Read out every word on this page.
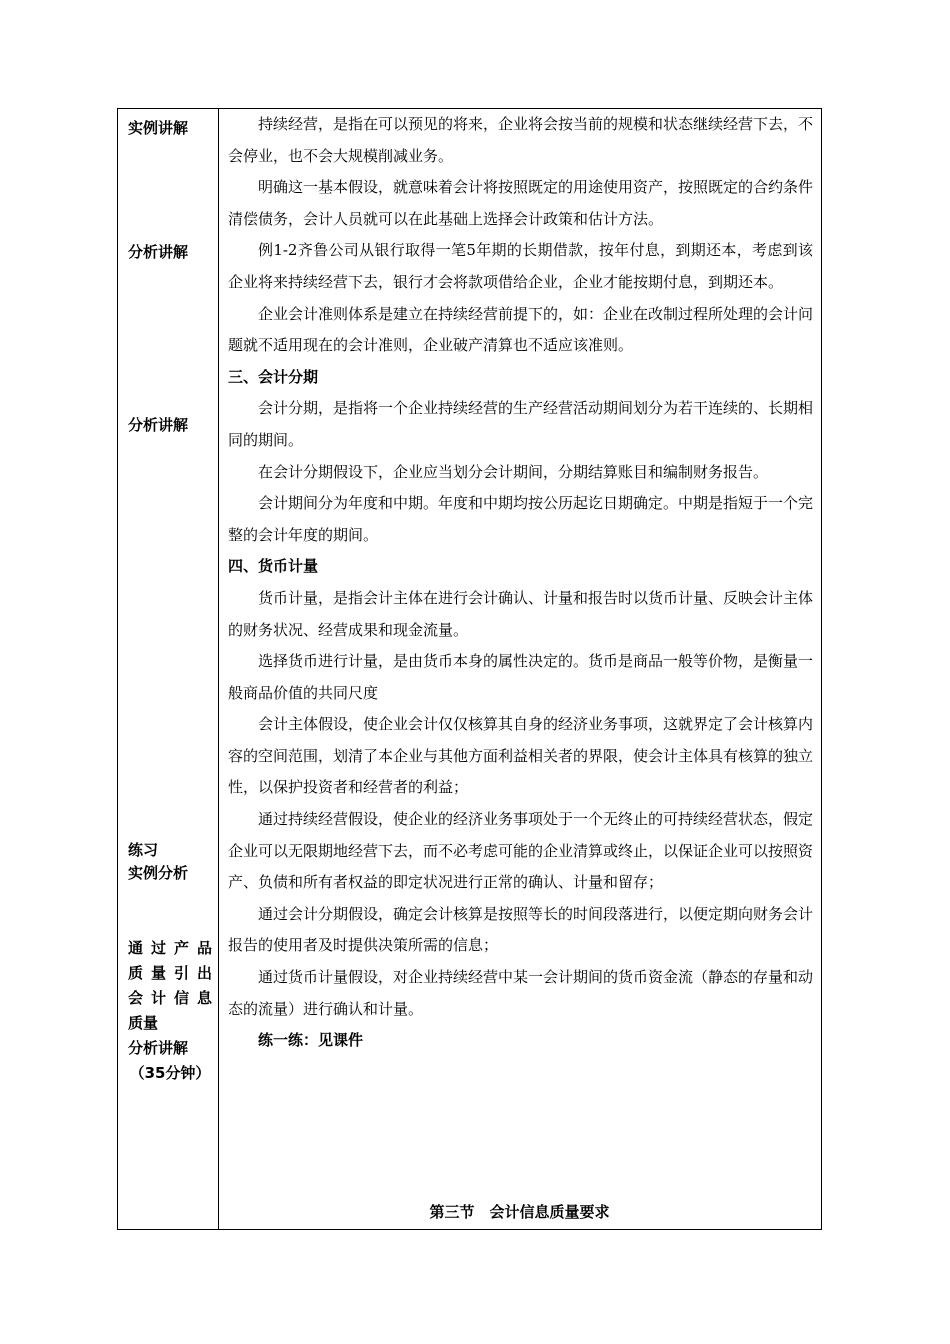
实例讲解
分析讲解
分析讲解
练习
实例分析
通过产品
质量引出
会计信息
质量
分析讲解
（35分钟）

持续经营，是指在可以预见的将来，企业将会按当前的规模和状态继续经营下去，不会停业，也不会大规模削减业务。

明确这一基本假设，就意味着会计将按照既定的用途使用资产，按照既定的合约条件清偿债务，会计人员就可以在此基础上选择会计政策和估计方法。

例1-2齐鲁公司从银行取得一笔5年期的长期借款，按年付息，到期还本，考虑到该企业将来持续经营下去，银行才会将款项借给企业，企业才能按期付息，到期还本。

企业会计准则体系是建立在持续经营前提下的，如：企业在改制过程所处理的会计问题就不适用现在的会计准则，企业破产清算也不适应该准则。

三、会计分期

会计分期，是指将一个企业持续经营的生产经营活动期间划分为若干连续的、长期相同的期间。

在会计分期假设下，企业应当划分会计期间，分期结算账目和编制财务报告。

会计期间分为年度和中期。年度和中期均按公历起讫日期确定。中期是指短于一个完整的会计年度的期间。

四、货币计量

货币计量，是指会计主体在进行会计确认、计量和报告时以货币计量、反映会计主体的财务状况、经营成果和现金流量。

选择货币进行计量，是由货币本身的属性决定的。货币是商品一般等价物，是衡量一般商品价值的共同尺度

会计主体假设，使企业会计仅仅核算其自身的经济业务事项，这就界定了会计核算内容的空间范围，划清了本企业与其他方面利益相关者的界限，使会计主体具有核算的独立性，以保护投资者和经营者的利益；

通过持续经营假设，使企业的经济业务事项处于一个无终止的可持续经营状态，假定企业可以无限期地经营下去，而不必考虑可能的企业清算或终止，以保证企业可以按照资产、负债和所有者权益的即定状况进行正常的确认、计量和留存；

通过会计分期假设，确定会计核算是按照等长的时间段落进行，以便定期向财务会计报告的使用者及时提供决策所需的信息；

通过货币计量假设，对企业持续经营中某一会计期间的货币资金流（静态的存量和动态的流量）进行确认和计量。

练一练：见课件

第三节　会计信息质量要求
